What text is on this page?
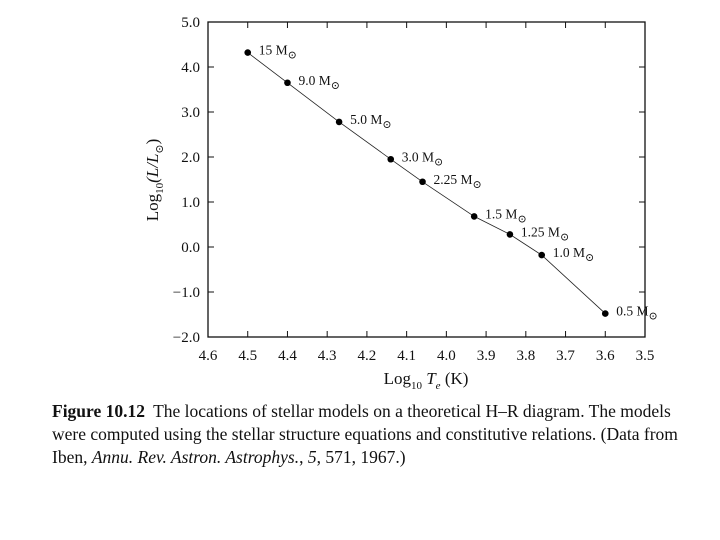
4.6 4.5 4.4 4.3 4.2 4.1 4.0 3.9 3.8 3.7 3.6 3.5
5.0
4.0
3.0
2.0
1.0
0.0
−1.0
−2.0
15 $M_⊙$
9.0 $M_⊙$
5.0 $M_⊙$
3.0 $M_⊙$
2.25 $M_⊙$
1.5 $M_⊙$
1.25 $M_⊙$
1.0 $M_⊙$
0.5 $M_⊙$
Log$_{10}$ $T_e$ (K)
$Log_{10}(L/L_⊙)$
Figure 10.12 The locations of stellar models on a theoretical H–R diagram. The models were computed using the stellar structure equations and constitutive relations. (Data from Iben, Annu. Rev. Astron. Astrophys., 5, 571, 1967.)
